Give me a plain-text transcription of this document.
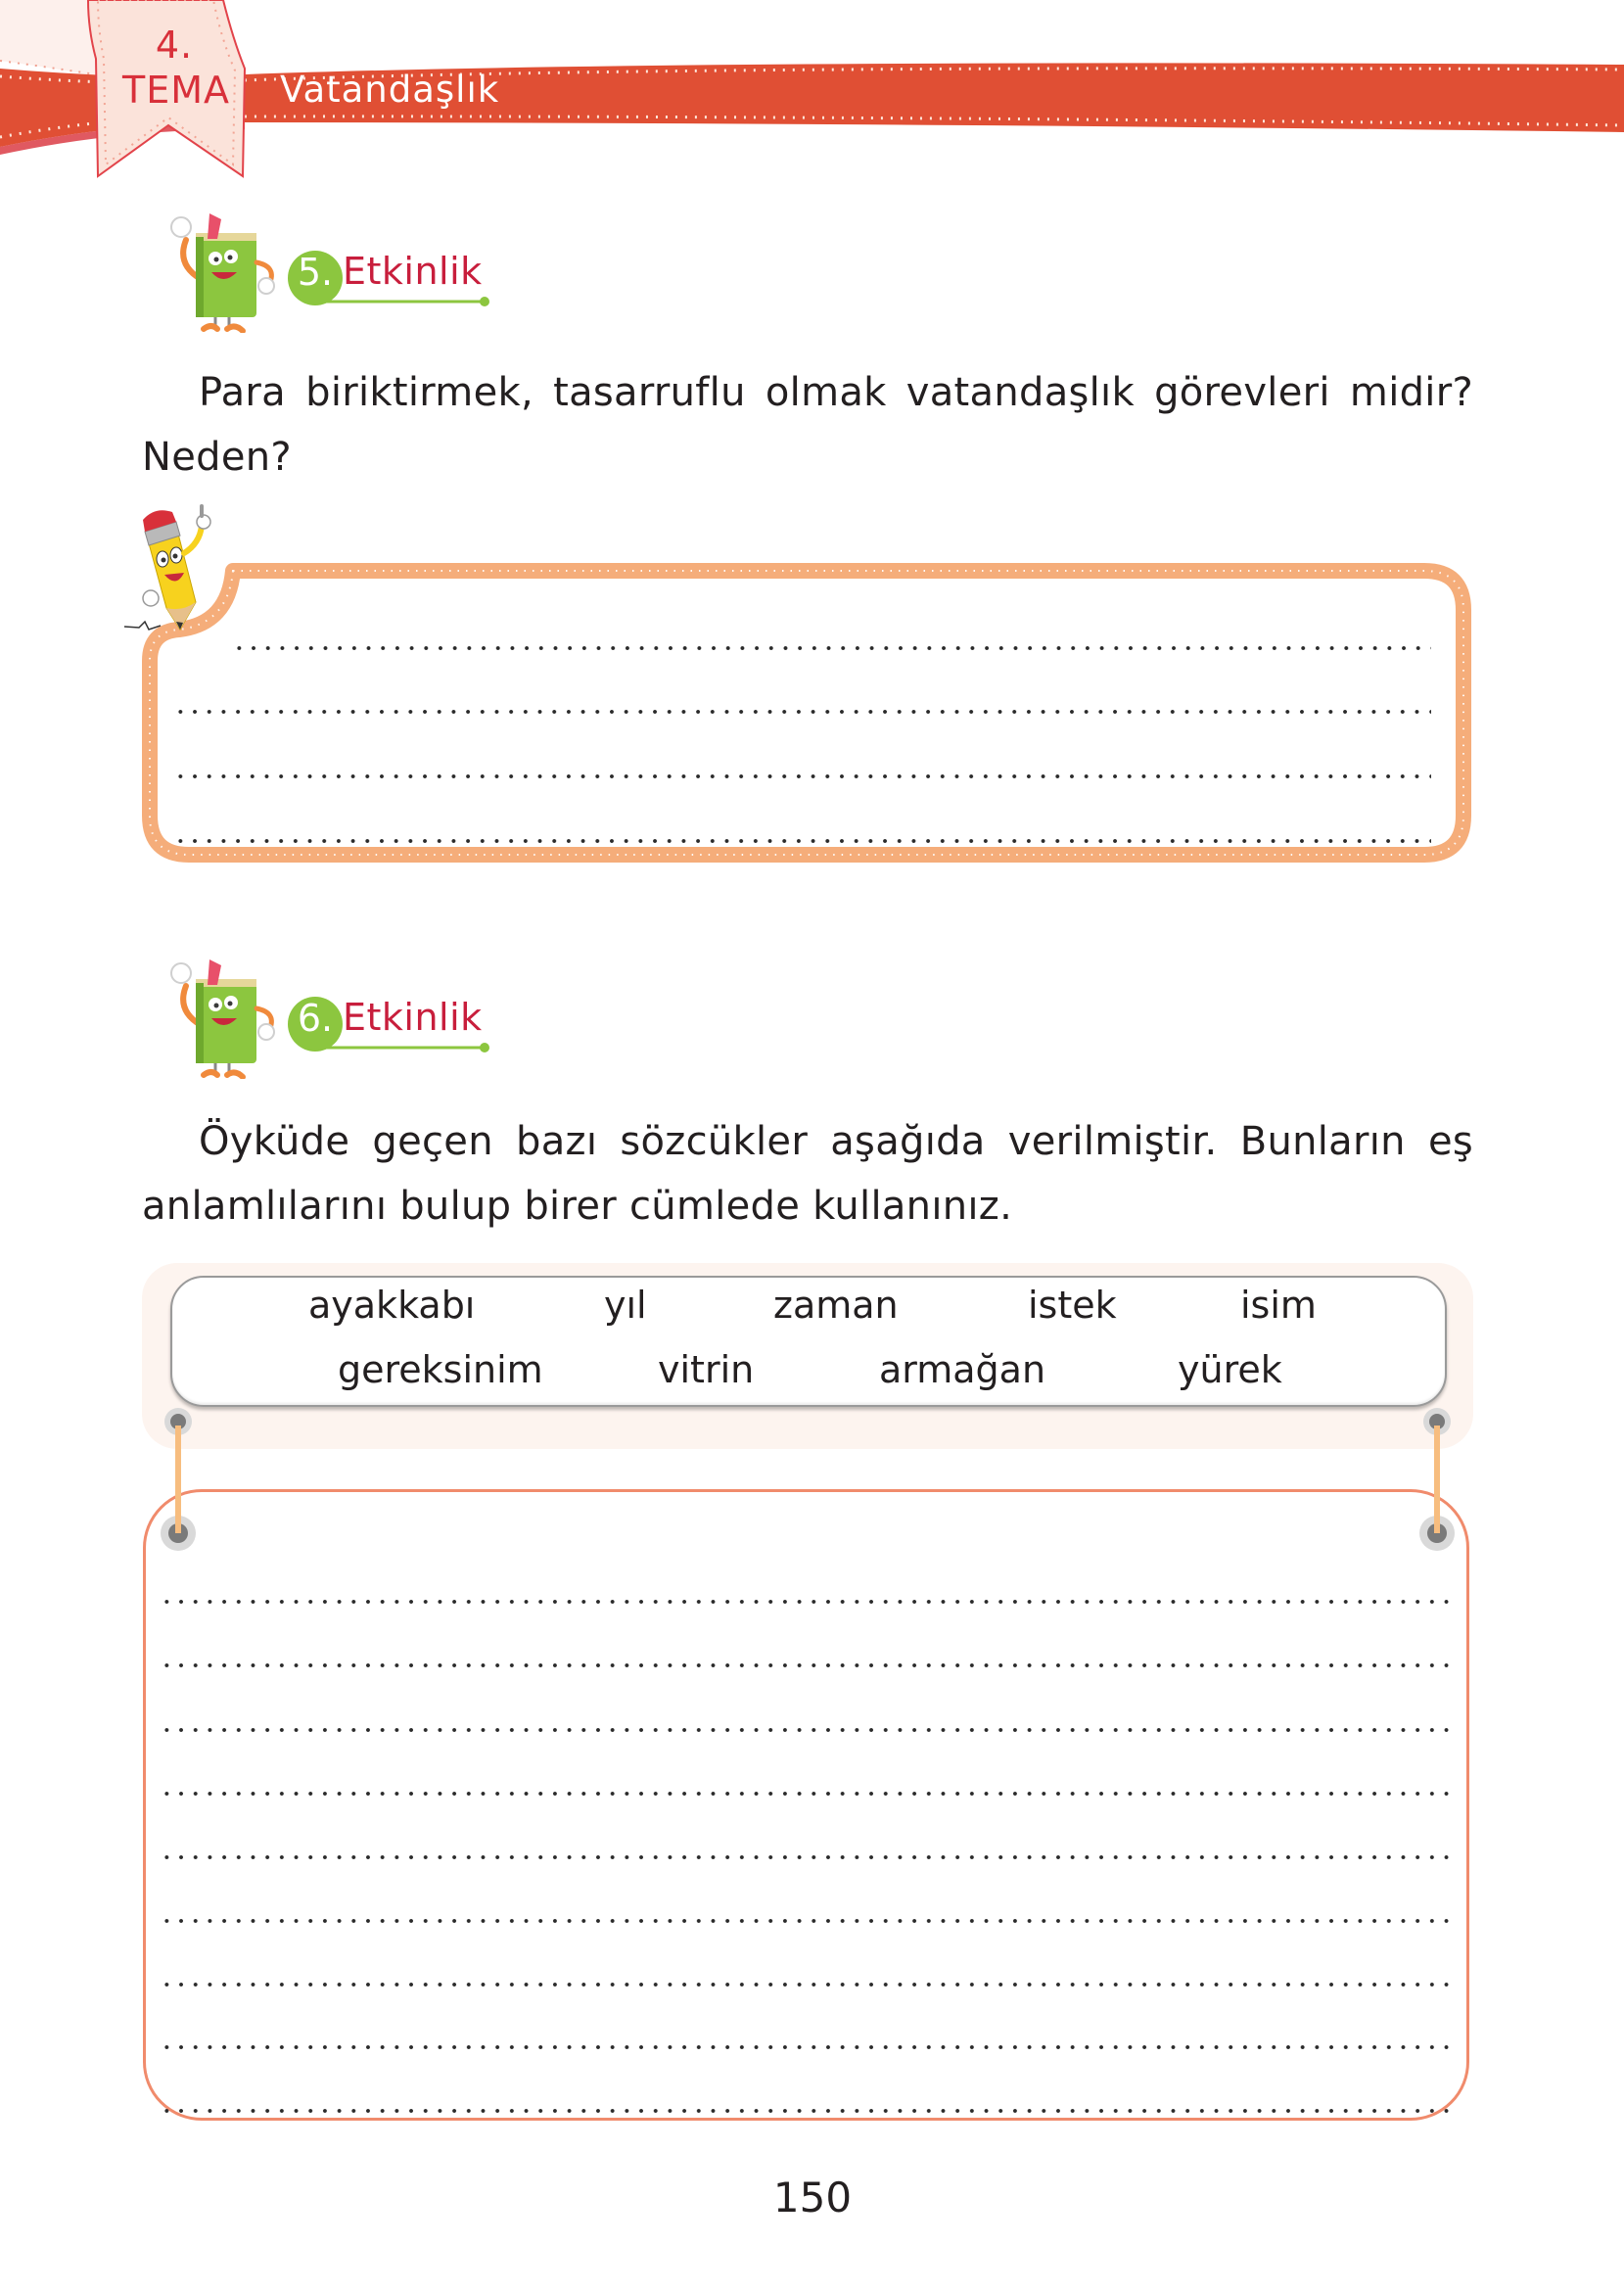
4.
TEMA	Vatandaşlık
5. Etkinlik
Para biriktirmek, tasarruflu olmak vatandaşlık görevleri midir? Neden?
6. Etkinlik
Öyküde geçen bazı sözcükler aşağıda verilmiştir. Bunların eş anlamlılarını bulup birer cümlede kullanınız.
ayakkabı	yıl	zaman	istek	isim
gereksinim	vitrin	armağan	yürek
150
